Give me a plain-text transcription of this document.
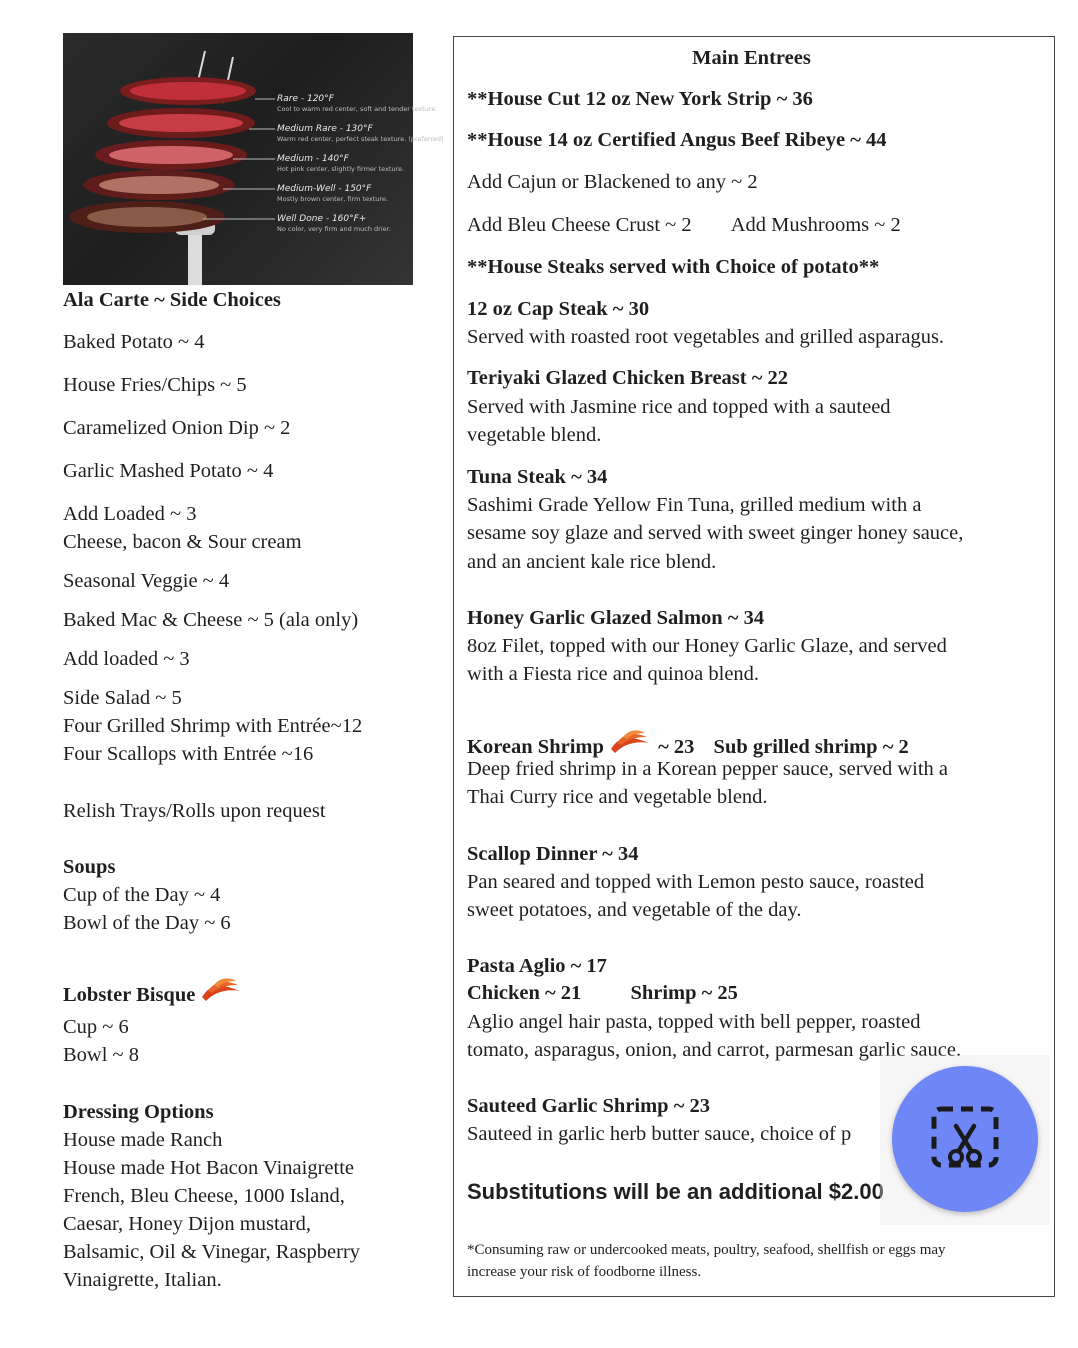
Rare - 120°F
Cool to warm red center, soft and tender texture.
Medium Rare - 130°F
Warm red center, perfect steak texture. (preferred)
Medium - 140°F
Hot pink center, slightly firmer texture.
Medium-Well - 150°F
Mostly brown center, firm texture.
Well Done - 160°F+
No color, very firm and much drier.
Ala Carte ~ Side Choices
Baked Potato ~ 4
House Fries/Chips ~ 5
Caramelized Onion Dip ~ 2
Garlic Mashed Potato ~ 4
Add Loaded ~ 3
Cheese, bacon & Sour cream
Seasonal Veggie ~ 4
Baked Mac & Cheese ~ 5 (ala only)
Add loaded ~ 3
Side Salad ~ 5
Four Grilled Shrimp with Entrée~12
Four Scallops with Entrée ~16
Relish Trays/Rolls upon request
Soups
Cup of the Day ~ 4
Bowl of the Day ~ 6
Lobster Bisque
Cup ~ 6
Bowl ~ 8
Dressing Options
House made Ranch
House made Hot Bacon Vinaigrette
French, Bleu Cheese, 1000 Island,
Caesar, Honey Dijon mustard,
Balsamic, Oil & Vinegar, Raspberry
Vinaigrette, Italian.
Main Entrees
**House Cut 12 oz New York Strip ~ 36
**House 14 oz Certified Angus Beef Ribeye ~ 44
Add Cajun or Blackened to any ~ 2
Add Bleu Cheese Crust ~ 2 Add Mushrooms ~ 2
**House Steaks served with Choice of potato**
12 oz Cap Steak ~ 30
Served with roasted root vegetables and grilled asparagus.
Teriyaki Glazed Chicken Breast ~ 22
Served with Jasmine rice and topped with a sauteed
vegetable blend.
Tuna Steak ~ 34
Sashimi Grade Yellow Fin Tuna, grilled medium with a
sesame soy glaze and served with sweet ginger honey sauce,
and an ancient kale rice blend.
Honey Garlic Glazed Salmon ~ 34
8oz Filet, topped with our Honey Garlic Glaze, and served
with a Fiesta rice and quinoa blend.
Korean Shrimp	~ 23 Sub grilled shrimp ~ 2
Deep fried shrimp in a Korean pepper sauce, served with a
Thai Curry rice and vegetable blend.
Scallop Dinner ~ 34
Pan seared and topped with Lemon pesto sauce, roasted
sweet potatoes, and vegetable of the day.
Pasta Aglio ~ 17
Chicken ~ 21 Shrimp ~ 25
Aglio angel hair pasta, topped with bell pepper, roasted
tomato, asparagus, onion, and carrot, parmesan garlic sauce.
Sauteed Garlic Shrimp ~ 23
Sauteed in garlic herb butter sauce, choice of p
Substitutions will be an additional $2.00
*Consuming raw or undercooked meats, poultry, seafood, shellfish or eggs may
increase your risk of foodborne illness.
